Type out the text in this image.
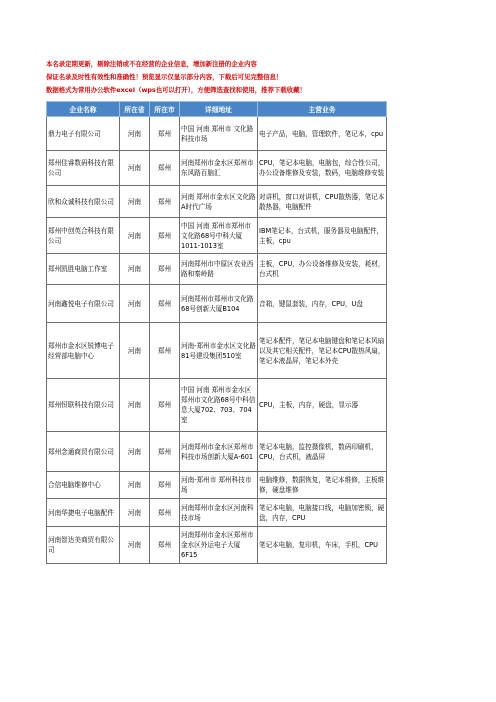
本名录定期更新，剔除注销或不在经营的企业信息，增加新注册的企业内容
保证名录及时性有效性和准确性！预览显示仅显示部分内容，下载后可见完整信息！
数据格式为常用办公软件excel（wps也可以打开），方便筛选查找和使用，推荐下载收藏！
企业名称	所在省	所在市	详细地址	主营业务
鼎力电子有限公司	河南	郑州	中国 河南 郑州市 文化路科技市场	电子产品，电脑，管理软件，笔记本，cpu
郑州佳睿数码科技有限公司	河南	郑州	河南郑州市金水区郑州市东风路百脑汇	CPU，笔记本电脑，电脑包，综合性公司，办公设备维修及安装，数码，电脑维修安装
欣和众诚科技有限公司	河南	郑州	河南 郑州市金水区文化路A时代广场	对讲机，窗口对讲机，CPU散热器，笔记本散热器，电脑配件
郑州中创英合科技有限公司	河南	郑州	中国 河南 郑州市郑州市文化路68号中科大厦1011-1013室	IBM笔记本，台式机，服务器及电脑配件，主板，cpu
郑州凯胜电脑工作室	河南	郑州	河南郑州市中原区农业西路和秦岭路	主板，CPU，办公设备维修及安装，耗材，台式机
河南鑫悦电子有限公司	河南	郑州	河南郑州市郑州市文化路68号创新大厦B104	音箱，键鼠套装，内存，CPU，U盘
郑州市金水区锐博电子经营部电脑中心	河南	郑州	河南-郑州市金水区文化路81号建设集团510室	笔记本配件，笔记本电脑键盘和笔记本风扇以及其它相关配件，笔记本CPU散热风扇，笔记本液晶屏，笔记本外壳
郑州恒联科技有限公司	河南	郑州	中国 河南 郑州市金水区 郑州市文化路68号中科信息大厦702、703、704室	CPU，主板，内存，硬盘，显示器
郑州念通商贸有限公司	河南	郑州	河南郑州市金水区郑州市科技市场创新大厦A-601	笔记本电脑，监控摄像机，数码印刷机，CPU，台式机，液晶屏
合信电脑维修中心	河南	郑州	河南-郑州市 郑州科技市场	电脑维修，数据恢复，笔记本维修，主板维修，硬盘维修
河南华捷电子电脑配件	河南	郑州	河南郑州市金水区河南科技市场	笔记本电脑，电脑接口线，电脑加密锁，硬盘，内存，CPU
河南智达美商贸有限公司	河南	郑州	河南郑州市金水区郑州市金水区外运电子大厦6F15	笔记本电脑，复印机，车床，手机，CPU
